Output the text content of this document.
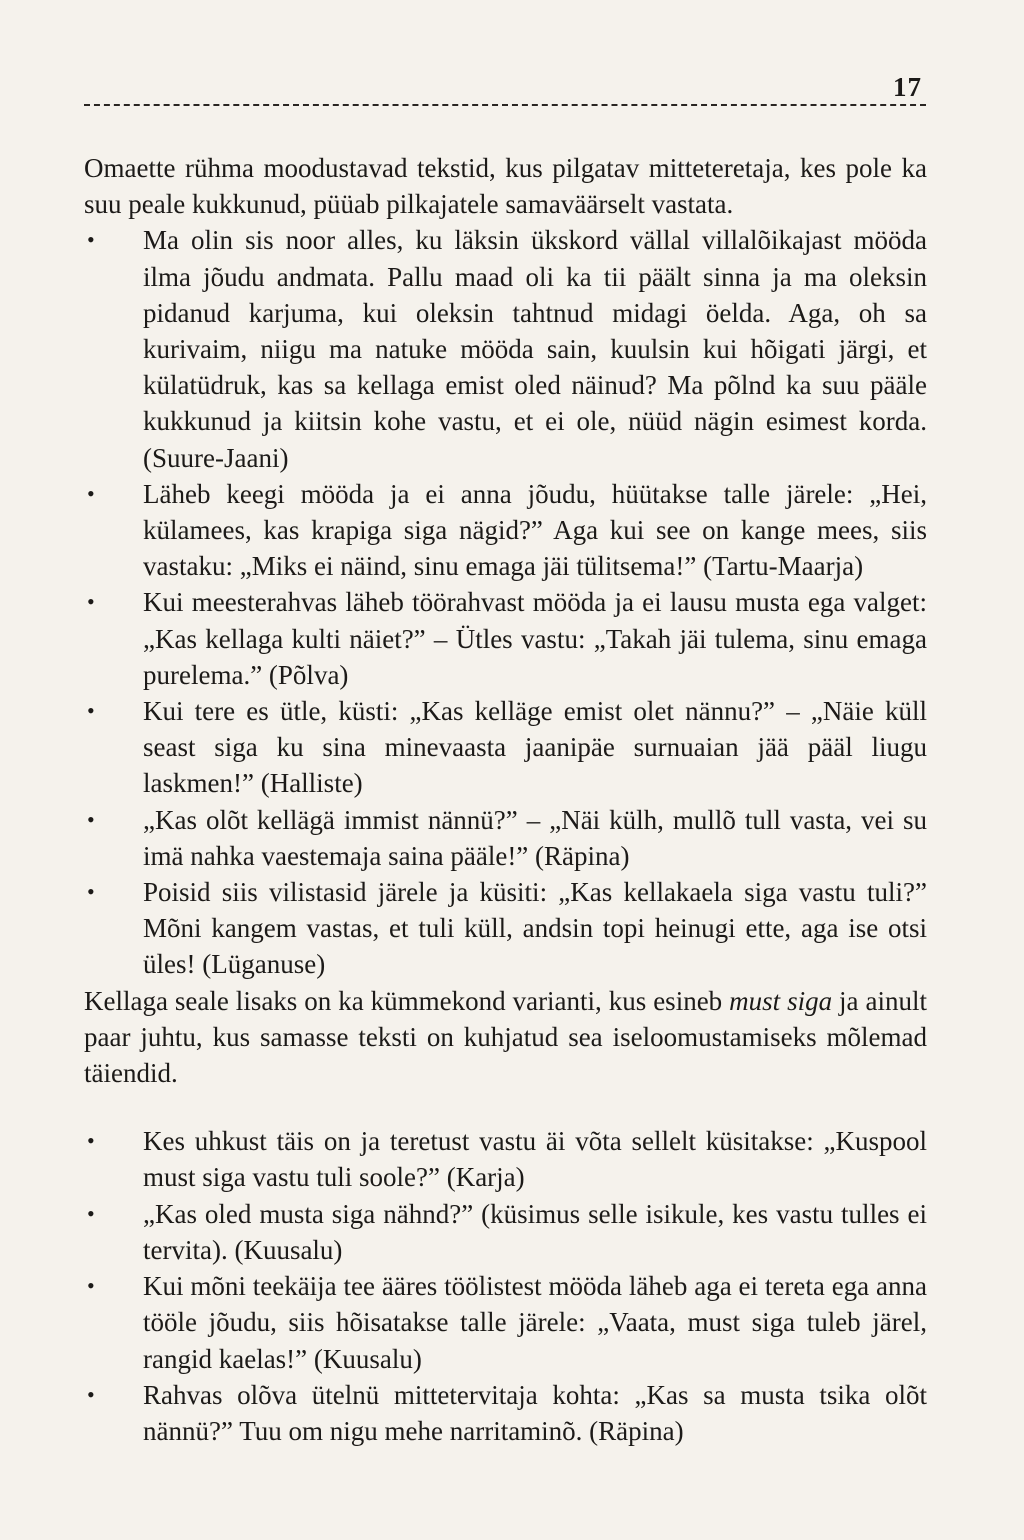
17

Omaette rühma moodustavad tekstid, kus pilgatav mitteteretaja, kes pole ka suu peale kukkunud, püüab pilkajatele samaväärselt vastata.

• Ma olin sis noor alles, ku läksin ükskord vällal villalõikajast mööda ilma jõudu andmata. Pallu maad oli ka tii päält sinna ja ma oleksin pidanud karjuma, kui oleksin tahtnud midagi öelda. Aga, oh sa kurivaim, niigu ma natuke mööda sain, kuulsin kui hõigati järgi, et külatüdruk, kas sa kellaga emist oled näinud? Ma põlnd ka suu pääle kukkunud ja kiitsin kohe vastu, et ei ole, nüüd nägin esimest korda. (Suure-Jaani)
• Läheb keegi mööda ja ei anna jõudu, hüütakse talle järele: „Hei, külamees, kas krapiga siga nägid?” Aga kui see on kange mees, siis vastaku: „Miks ei näind, sinu emaga jäi tülitsema!” (Tartu-Maarja)
• Kui meesterahvas läheb töörahvast mööda ja ei lausu musta ega valget: „Kas kellaga kulti näiet?” – Ütles vastu: „Takah jäi tulema, sinu emaga purelema.” (Põlva)
• Kui tere es ütle, küsti: „Kas kelläge emist olet nännu?” – „Näie küll seast siga ku sina minevaasta jaanipäe surnuaian jää pääl liugu laskmen!” (Halliste)
• „Kas olõt kellägä immist nännü?” – „Näi külh, mullõ tull vasta, vei su imä nahka vaestemaja saina pääle!” (Räpina)
• Poisid siis vilistasid järele ja küsiti: „Kas kellakaela siga vastu tuli?” Mõni kangem vastas, et tuli küll, andsin topi heinugi ette, aga ise otsi üles! (Lüganuse)

Kellaga seale lisaks on ka kümmekond varianti, kus esineb must siga ja ainult paar juhtu, kus samasse teksti on kuhjatud sea iseloomustamiseks mõlemad täiendid.

• Kes uhkust täis on ja teretust vastu äi võta sellelt küsitakse: „Kuspool must siga vastu tuli soole?” (Karja)
• „Kas oled musta siga nähnd?” (küsimus selle isikule, kes vastu tulles ei tervita). (Kuusalu)
• Kui mõni teekäija tee ääres töölistest mööda läheb aga ei tereta ega anna tööle jõudu, siis hõisatakse talle järele: „Vaata, must siga tuleb järel, rangid kaelas!” (Kuusalu)
• Rahvas olõva ütelnü mittetervitaja kohta: „Kas sa musta tsika olõt nännü?” Tuu om nigu mehe narritaminõ. (Räpina)
